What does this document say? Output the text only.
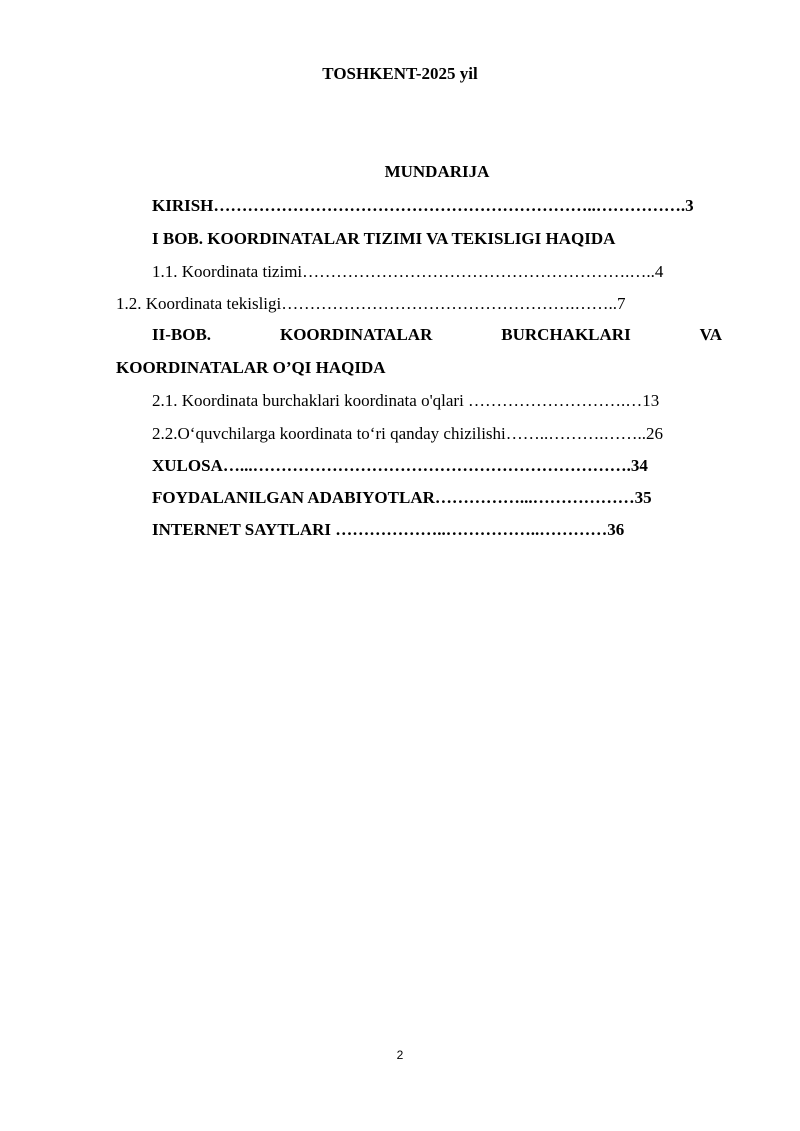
TOSHKENT-2025 yil
MUNDARIJA
KIRISH…………………………………………………………..…………….3
I BOB. KOORDINATALAR TIZIMI VA TEKISLIGI HAQIDA
1.1. Koordinata tizimi………………………………………………….…..4
1.2. Koordinata tekisligi…………………………………………….……..7
II-BOB.	KOORDINATALAR	BURCHAKLARI	VA
KOORDINATALAR O’QI HAQIDA
2.1. Koordinata burchaklari koordinata o'qlari ……………………….…13
2.2.O‘quvchilarga koordinata to‘ri qanday chizilishi……..……….……..26
XULOSA…...………………………………………………………….34
FOYDALANILGAN ADABIYOTLAR……………...………………35
INTERNET SAYTLARI ………………..……………..…………36
2
